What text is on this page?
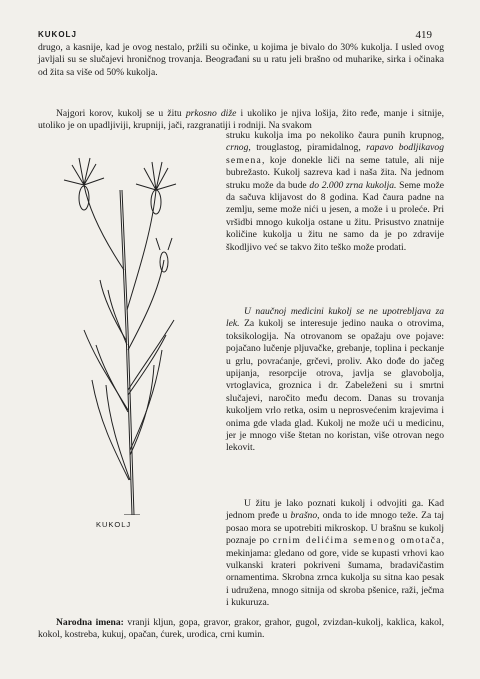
KUKOLJ	419

drugo, a kasnije, kad je ovog nestalo, pržili su očinke, u kojima je bivalo do 30% kukolja. I usled ovog javljali su se slučajevi hroničnog trovanja. Beograđani su u ratu jeli brašno od muharike, sirka i očinaka od žita sa više od 50% kukolja.

Najgori korov, kukolj se u žitu prkosno diže i ukoliko je njiva lošija, žito ređe, manje i sitnije, utoliko je on upadljiviji, krupniji, jači, razgranatiji i rodniji. Na svakom

struku kukolja ima po nekoliko čaura punih krupnog, crnog, trouglastog, piramidalnog, rapavo bodljikavog semena, koje donekle liči na seme tatule, ali nije bubrežasto. Kukolj sazreva kad i naša žita. Na jednom struku može da bude do 2.000 zrna kukolja. Seme može da sačuva klijavost do 8 godina. Kad čaura padne na zemlju, seme može nići u jesen, a može i u proleće. Pri vršidbi mnogo kukolja ostane u žitu. Prisustvo znatnije količine kukolja u žitu ne samo da je po zdravije škodljivo već se takvo žito teško može prodati.

U naučnoj medicini kukolj se ne upotrebljava za lek. Za kukolj se interesuje jedino nauka o otrovima, toksikologija. Na otrovanom se opažaju ove pojave: pojačano lučenje pljuvačke, grebanje, toplina i peckanje u grlu, povraćanje, grčevi, proliv. Ako dođe do jačeg upijanja, resorpcije otrova, javlja se glavobolja, vrtoglavica, groznica i dr. Zabeleženi su i smrtni slučajevi, naročito među decom. Danas su trovanja kukoljem vrlo retka, osim u neprosvećenim krajevima i onima gde vlada glad. Kukolj ne može ući u medicinu, jer je mnogo više štetan no koristan, više otrovan nego lekovit.

U žitu je lako poznati kukolj i odvojiti ga. Kad jednom pređe u brašno, onda to ide mnogo teže. Za taj posao mora se upotrebiti mikroskop. U brašnu se kukolj poznaje po crnim delićima semenog omotača, mekinjama: gledano od gore, vide se kupasti vrhovi kao vulkanski krateri pokriveni šumama, bradavičastim ornamentima. Skrobna zrnca kukolja su sitna kao pesak i udružena, mnogo sitnija od skroba pšenice, raži, ječma i kukuruza.

Narodna imena: vranji kljun, gopa, gravor, grakor, grahor, gugol, zvizdan-kukolj, kaklica, kakol, kokol, kostreba, kukuj, opačan, ćurek, urodica, crni kumin.

KUKOLJ
